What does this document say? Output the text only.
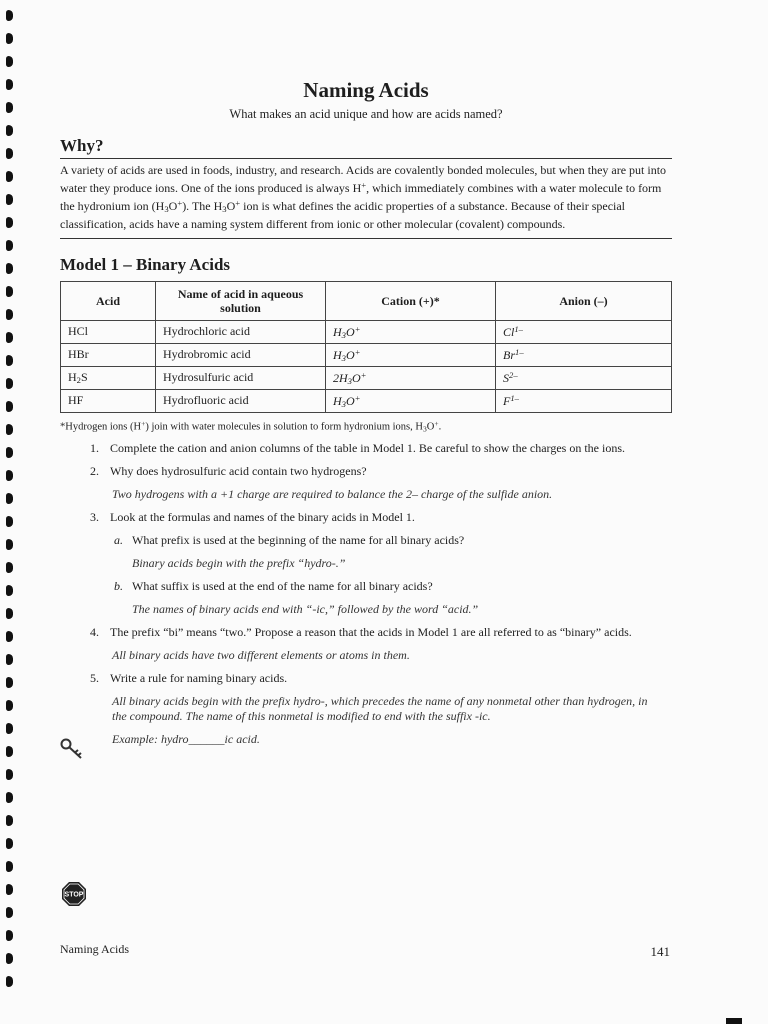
Naming Acids
What makes an acid unique and how are acids named?
Why?
A variety of acids are used in foods, industry, and research. Acids are covalently bonded molecules, but when they are put into water they produce ions. One of the ions produced is always H+, which immediately combines with a water molecule to form the hydronium ion $(H_3O^+)$. The $H_3O^+$ ion is what defines the acidic properties of a substance. Because of their special classification, acids have a naming system different from ionic or other molecular (covalent) compounds.
Model 1 – Binary Acids
Acid	Name of acid in aqueous solution	Cation (+)*	Anion (–)
HCl	Hydrochloric acid	$H_3O^+$	$Cl^{1-}$
HBr	Hydrobromic acid	$H_3O^+$	$Br^{1-}$
$H_2S$	Hydrosulfuric acid	$2H_3O^+$	$S^{2-}$
HF	Hydrofluoric acid	$H_3O^+$	$F^{1-}$
*Hydrogen ions (H+) join with water molecules in solution to form hydronium ions, $H_3O^+$.
1. Complete the cation and anion columns of the table in Model 1. Be careful to show the charges on the ions.
2. Why does hydrosulfuric acid contain two hydrogens?
Two hydrogens with a +1 charge are required to balance the 2– charge of the sulfide anion.
3. Look at the formulas and names of the binary acids in Model 1.
a. What prefix is used at the beginning of the name for all binary acids?
Binary acids begin with the prefix “hydro-.”
b. What suffix is used at the end of the name for all binary acids?
The names of binary acids end with “-ic,” followed by the word “acid.”
4. The prefix “bi” means “two.” Propose a reason that the acids in Model 1 are all referred to as “binary” acids.
All binary acids have two different elements or atoms in them.
5. Write a rule for naming binary acids.
All binary acids begin with the prefix hydro-, which precedes the name of any nonmetal other than hydrogen, in the compound. The name of this nonmetal is modified to end with the suffix -ic.
Example: hydro______ic acid.
STOP
Naming Acids	141
